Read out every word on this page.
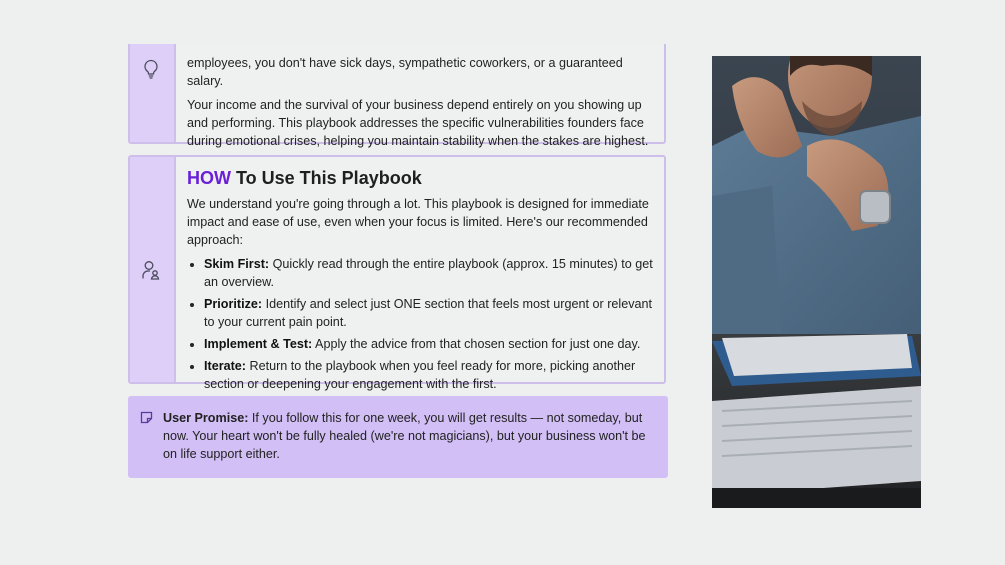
employees, you don't have sick days, sympathetic coworkers, or a guaranteed salary.

Your income and the survival of your business depend entirely on you showing up and performing. This playbook addresses the specific vulnerabilities founders face during emotional crises, helping you maintain stability when the stakes are highest.

HOW To Use This Playbook

We understand you're going through a lot. This playbook is designed for immediate impact and ease of use, even when your focus is limited. Here's our recommended approach:

• Skim First: Quickly read through the entire playbook (approx. 15 minutes) to get an overview.
• Prioritize: Identify and select just ONE section that feels most urgent or relevant to your current pain point.
• Implement & Test: Apply the advice from that chosen section for just one day.
• Iterate: Return to the playbook when you feel ready for more, picking another section or deepening your engagement with the first.

User Promise: If you follow this for one week, you will get results — not someday, but now. Your heart won't be fully healed (we're not magicians), but your business won't be on life support either.
